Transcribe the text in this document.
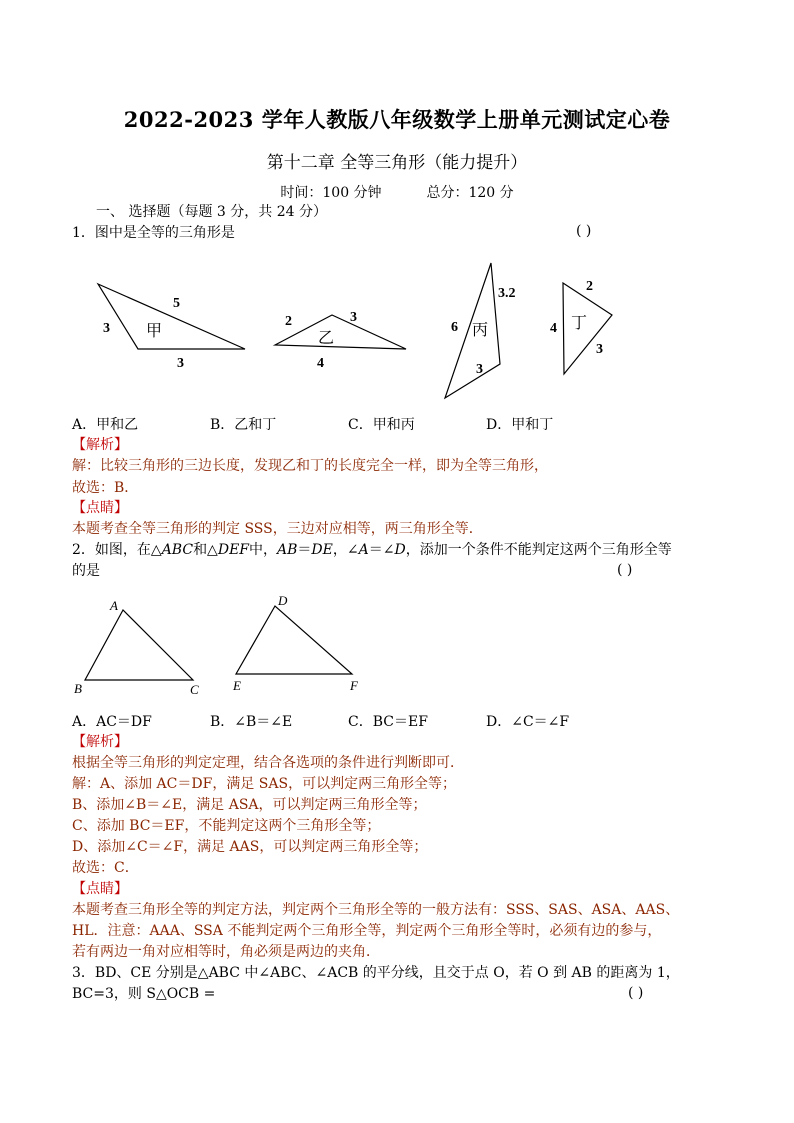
2022-2023 学年人教版八年级数学上册单元测试定心卷
第十二章 全等三角形（能力提升）
时间：100 分钟	总分：120 分
一、 选择题（每题 3 分，共 24 分）
1．图中是全等的三角形是	( )
甲
3
5
3
乙
2	3
4
丙
6
3.2
3
丁
4
2
3
A．甲和乙	B．乙和丁	C．甲和丙	D．甲和丁
【解析】
解：比较三角形的三边长度，发现乙和丁的长度完全一样，即为全等三角形，
故选：B．
【点睛】
本题考查全等三角形的判定 SSS，三边对应相等，两三角形全等．
2．如图，在△ABC和△DEF中，AB＝DE，∠A＝∠D，添加一个条件不能判定这两个三角形全等
的是	( )
A
B	C
D
E	F
A．AC＝DF	B．∠B＝∠E	C．BC＝EF	D．∠C＝∠F
【解析】
根据全等三角形的判定定理，结合各选项的条件进行判断即可．
解：A、添加 AC＝DF，满足 SAS，可以判定两三角形全等；
B、添加∠B＝∠E，满足 ASA，可以判定两三角形全等；
C、添加 BC＝EF，不能判定这两个三角形全等；
D、添加∠C＝∠F，满足 AAS，可以判定两三角形全等；
故选：C．
【点睛】
本题考查三角形全等的判定方法，判定两个三角形全等的一般方法有：SSS、SAS、ASA、AAS、
HL．注意：AAA、SSA 不能判定两个三角形全等，判定两个三角形全等时，必须有边的参与，
若有两边一角对应相等时，角必须是两边的夹角．
3．BD、CE 分别是△ABC 中∠ABC、∠ACB 的平分线，且交于点 O，若 O 到 AB 的距离为 1，
BC=3，则 S△OCB =	( )
